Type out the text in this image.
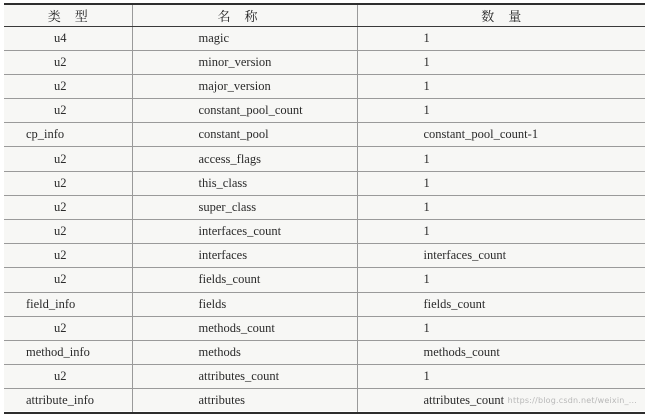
类型	名称	数量
u4	magic	1
u2	minor_version	1
u2	major_version	1
u2	constant_pool_count	1
cp_info	constant_pool	constant_pool_count-1
u2	access_flags	1
u2	this_class	1
u2	super_class	1
u2	interfaces_count	1
u2	interfaces	interfaces_count
u2	fields_count	1
field_info	fields	fields_count
u2	methods_count	1
method_info	methods	methods_count
u2	attributes_count	1
attribute_info	attributes	attributes_count https://blog.csdn.net/weixin_...
